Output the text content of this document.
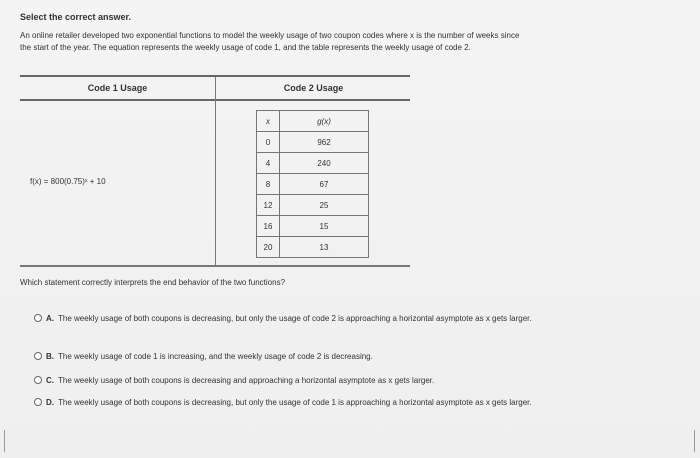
Select the correct answer.
An online retailer developed two exponential functions to model the weekly usage of two coupon codes where x is the number of weeks since
the start of the year. The equation represents the weekly usage of code 1, and the table represents the weekly usage of code 2.
Code 1 Usage	Code 2 Usage
f(x) = 800(0.75)ˣ + 10
x	g(x)
0	962
4	240
8	67
12	25
16	15
20	13
Which statement correctly interprets the end behavior of the two functions?
A. The weekly usage of both coupons is decreasing, but only the usage of code 2 is approaching a horizontal asymptote as x gets larger.
B. The weekly usage of code 1 is increasing, and the weekly usage of code 2 is decreasing.
C. The weekly usage of both coupons is decreasing and approaching a horizontal asymptote as x gets larger.
D. The weekly usage of both coupons is decreasing, but only the usage of code 1 is approaching a horizontal asymptote as x gets larger.
